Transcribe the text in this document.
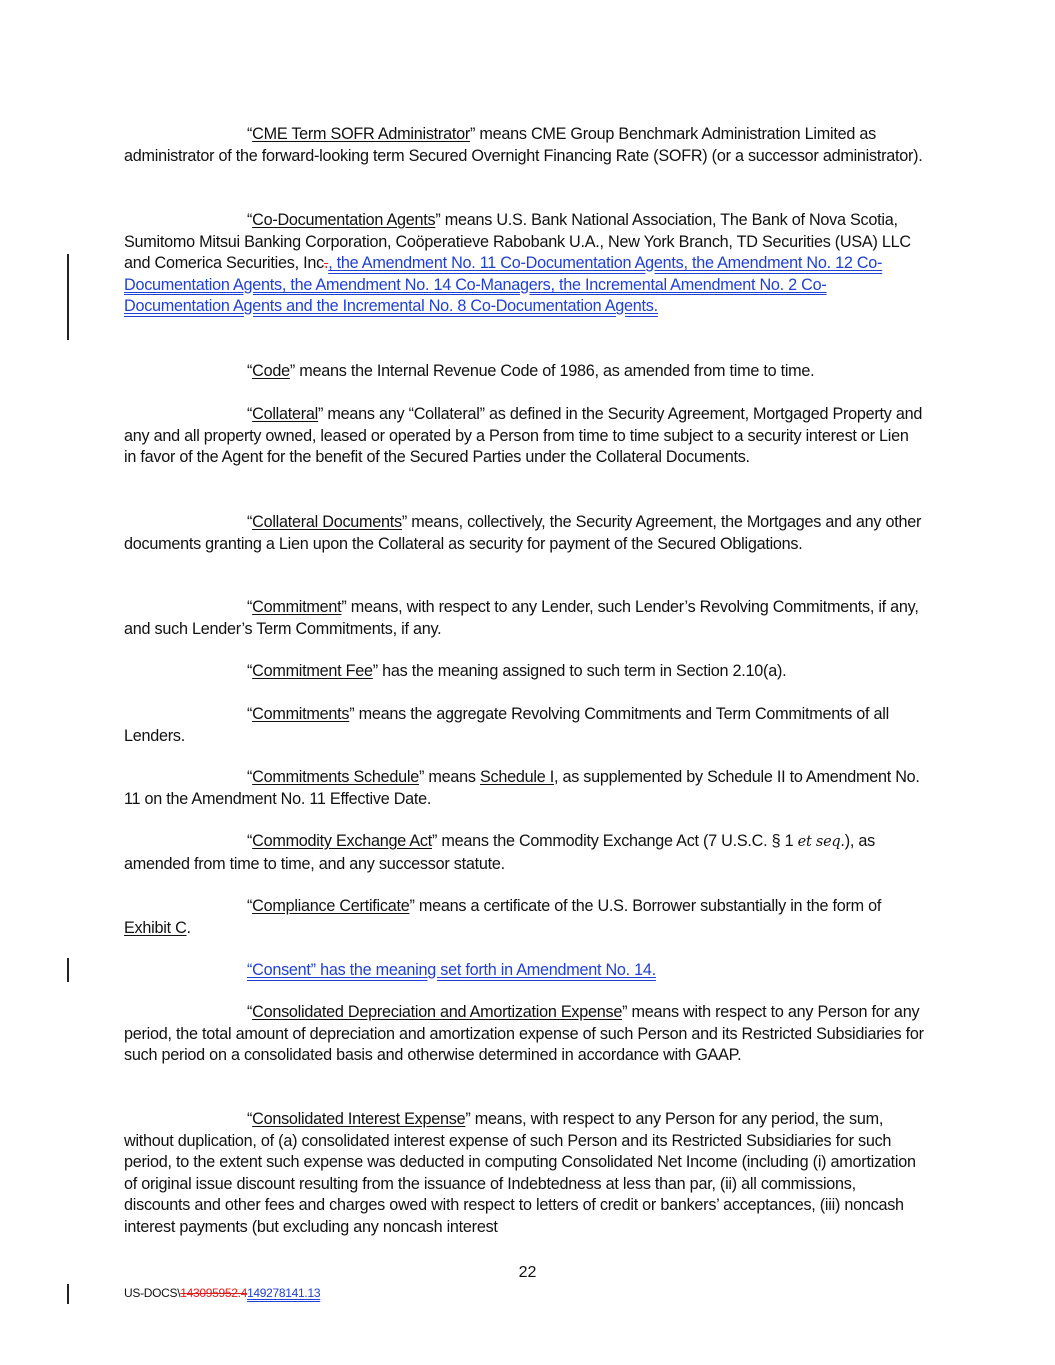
“CME Term SOFR Administrator” means CME Group Benchmark Administration Limited as administrator of the forward-looking term Secured Overnight Financing Rate (SOFR) (or a successor administrator).

“Co-Documentation Agents” means U.S. Bank National Association, The Bank of Nova Scotia, Sumitomo Mitsui Banking Corporation, Coöperatieve Rabobank U.A., New York Branch, TD Securities (USA) LLC and Comerica Securities, Inc., the Amendment No. 11 Co-Documentation Agents, the Amendment No. 12 Co-Documentation Agents, the Amendment No. 14 Co-Managers, the Incremental Amendment No. 2 Co-Documentation Agents and the Incremental No. 8 Co-Documentation Agents.

“Code” means the Internal Revenue Code of 1986, as amended from time to time.

“Collateral” means any “Collateral” as defined in the Security Agreement, Mortgaged Property and any and all property owned, leased or operated by a Person from time to time subject to a security interest or Lien in favor of the Agent for the benefit of the Secured Parties under the Collateral Documents.

“Collateral Documents” means, collectively, the Security Agreement, the Mortgages and any other documents granting a Lien upon the Collateral as security for payment of the Secured Obligations.

“Commitment” means, with respect to any Lender, such Lender’s Revolving Commitments, if any, and such Lender’s Term Commitments, if any.

“Commitment Fee” has the meaning assigned to such term in Section 2.10(a).

“Commitments” means the aggregate Revolving Commitments and Term Commitments of all Lenders.

“Commitments Schedule” means Schedule I, as supplemented by Schedule II to Amendment No. 11 on the Amendment No. 11 Effective Date.

“Commodity Exchange Act” means the Commodity Exchange Act (7 U.S.C. § 1 et seq.), as amended from time to time, and any successor statute.

“Compliance Certificate” means a certificate of the U.S. Borrower substantially in the form of Exhibit C.

“Consent” has the meaning set forth in Amendment No. 14.

“Consolidated Depreciation and Amortization Expense” means with respect to any Person for any period, the total amount of depreciation and amortization expense of such Person and its Restricted Subsidiaries for such period on a consolidated basis and otherwise determined in accordance with GAAP.

“Consolidated Interest Expense” means, with respect to any Person for any period, the sum, without duplication, of (a) consolidated interest expense of such Person and its Restricted Subsidiaries for such period, to the extent such expense was deducted in computing Consolidated Net Income (including (i) amortization of original issue discount resulting from the issuance of Indebtedness at less than par, (ii) all commissions, discounts and other fees and charges owed with respect to letters of credit or bankers’ acceptances, (iii) noncash interest payments (but excluding any noncash interest

22
US-DOCS\143095952.4149278141.13
